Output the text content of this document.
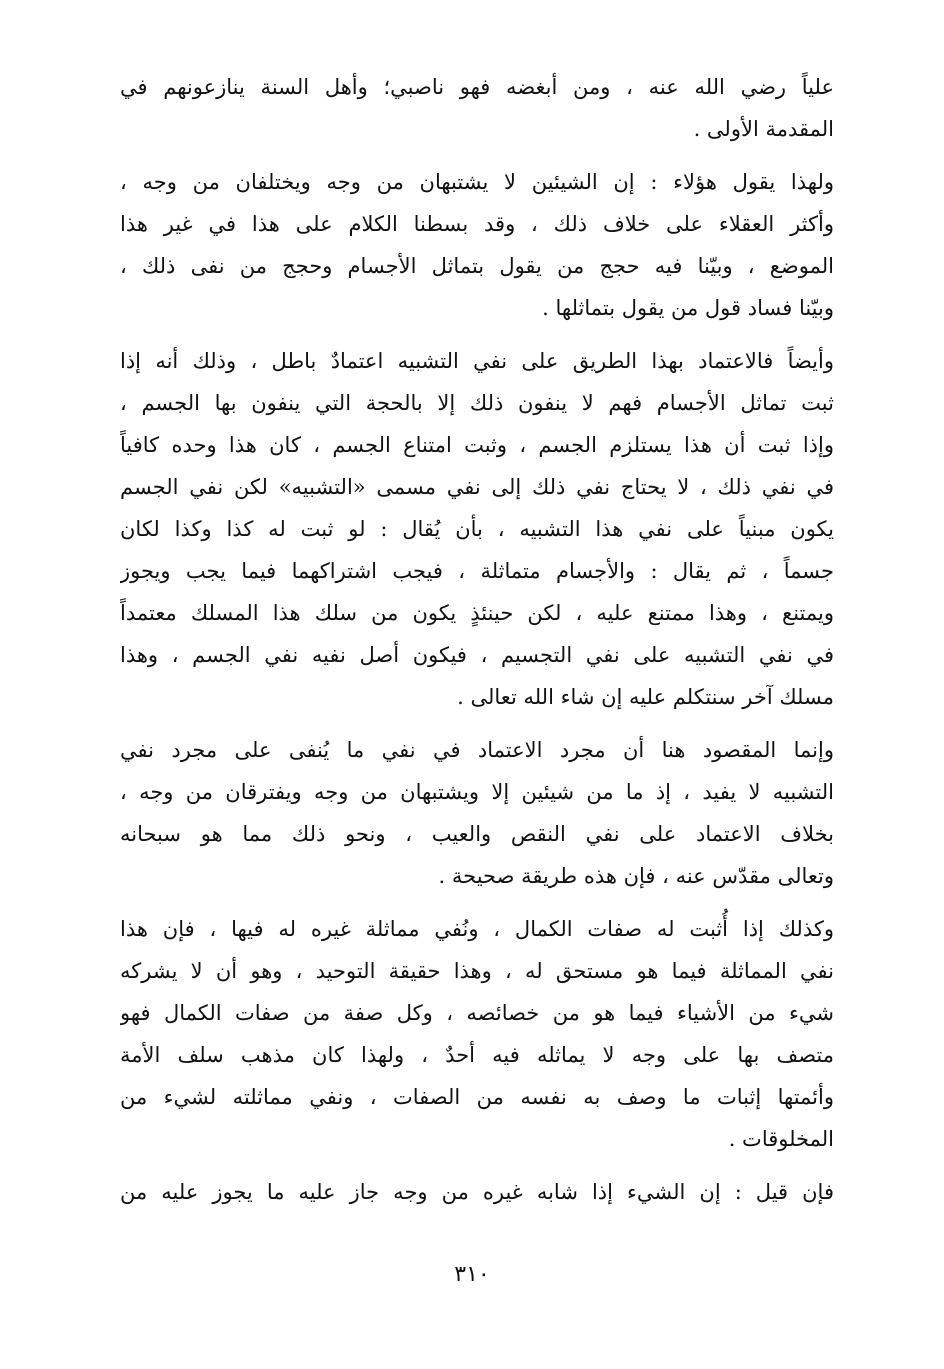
علياً رضي الله عنه ، ومن أبغضه فهو ناصبي؛ وأهل السنة ينازعونهم في
المقدمة الأولى .
ولهذا يقول هؤلاء : إن الشيئين لا يشتبهان من وجه ويختلفان من وجه ،
وأكثر العقلاء على خلاف ذلك ، وقد بسطنا الكلام على هذا في غير هذا
الموضع ، وبيّنا فيه حجج من يقول بتماثل الأجسام وحجج من نفى ذلك ،
وبيّنا فساد قول من يقول بتماثلها .
وأيضاً فالاعتماد بهذا الطريق على نفي التشبيه اعتمادٌ باطل ، وذلك أنه إذا
ثبت تماثل الأجسام فهم لا ينفون ذلك إلا بالحجة التي ينفون بها الجسم ،
وإذا ثبت أن هذا يستلزم الجسم ، وثبت امتناع الجسم ، كان هذا وحده كافياً
في نفي ذلك ، لا يحتاج نفي ذلك إلى نفي مسمى «التشبيه» لكن نفي الجسم
يكون مبنياً على نفي هذا التشبيه ، بأن يُقال : لو ثبت له كذا وكذا لكان
جسماً ، ثم يقال : والأجسام متماثلة ، فيجب اشتراكهما فيما يجب ويجوز
ويمتنع ، وهذا ممتنع عليه ، لكن حينئذٍ يكون من سلك هذا المسلك معتمداً
في نفي التشبيه على نفي التجسيم ، فيكون أصل نفيه نفي الجسم ، وهذا
مسلك آخر سنتكلم عليه إن شاء الله تعالى .
وإنما المقصود هنا أن مجرد الاعتماد في نفي ما يُنفى على مجرد نفي
التشبيه لا يفيد ، إذ ما من شيئين إلا ويشتبهان من وجه ويفترقان من وجه ،
بخلاف الاعتماد على نفي النقص والعيب ، ونحو ذلك مما هو سبحانه
وتعالى مقدّس عنه ، فإن هذه طريقة صحيحة .
وكذلك إذا أُثبت له صفات الكمال ، ونُفي مماثلة غيره له فيها ، فإن هذا
نفي المماثلة فيما هو مستحق له ، وهذا حقيقة التوحيد ، وهو أن لا يشركه
شيء من الأشياء فيما هو من خصائصه ، وكل صفة من صفات الكمال فهو
متصف بها على وجه لا يماثله فيه أحدٌ ، ولهذا كان مذهب سلف الأمة
وأئمتها إثبات ما وصف به نفسه من الصفات ، ونفي مماثلته لشيء من
المخلوقات .
فإن قيل : إن الشيء إذا شابه غيره من وجه جاز عليه ما يجوز عليه من
٣١٠
